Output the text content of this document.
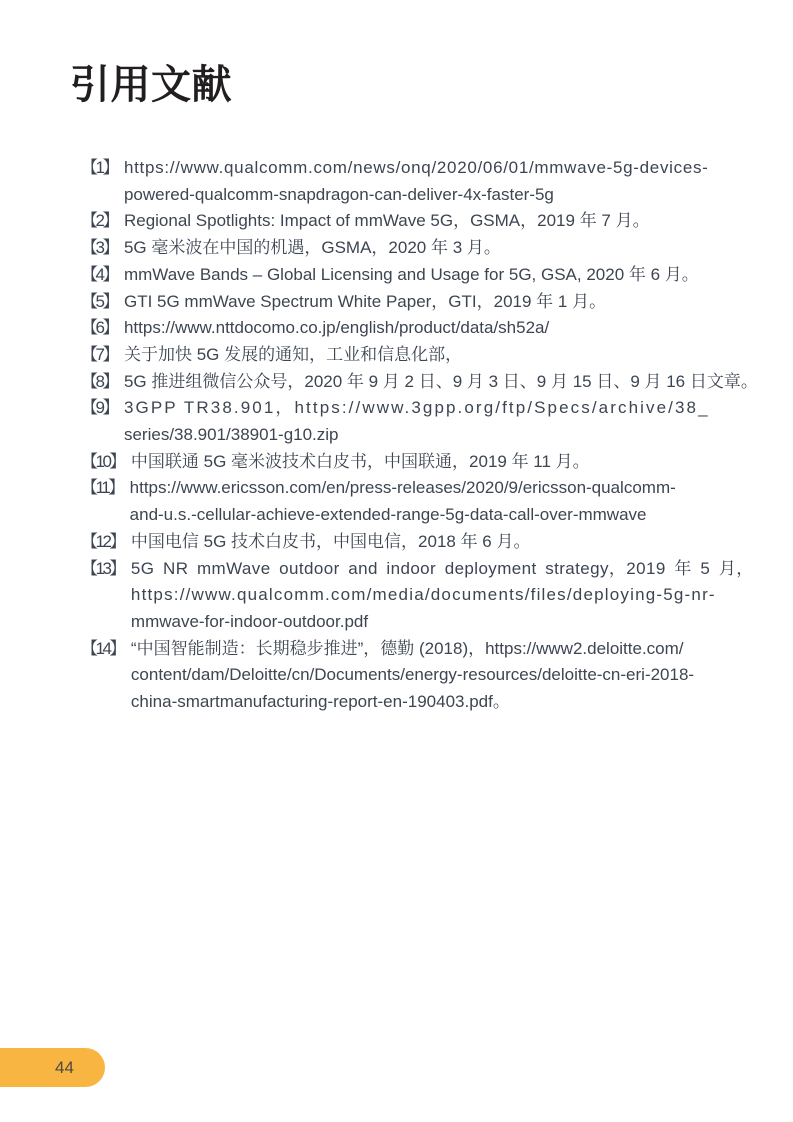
引用文献
【1】 https://www.qualcomm.com/news/onq/2020/06/01/mmwave-5g-devices-
powered-qualcomm-snapdragon-can-deliver-4x-faster-5g
【2】 Regional Spotlights: Impact of mmWave 5G，GSMA，2019 年 7 月。
【3】 5G 毫米波在中国的机遇，GSMA，2020 年 3 月。
【4】 mmWave Bands – Global Licensing and Usage for 5G, GSA, 2020 年 6 月。
【5】 GTI 5G mmWave Spectrum White Paper，GTI，2019 年 1 月。
【6】 https://www.nttdocomo.co.jp/english/product/data/sh52a/
【7】 关于加快 5G 发展的通知，工业和信息化部，
【8】 5G 推进组微信公众号，2020 年 9 月 2 日、9 月 3 日、9 月 15 日、9 月 16 日文章。
【9】 3GPP TR38.901，https://www.3gpp.org/ftp/Specs/archive/38_
series/38.901/38901-g10.zip
【10】 中国联通 5G 毫米波技术白皮书，中国联通，2019 年 11 月。
【11】 https://www.ericsson.com/en/press-releases/2020/9/ericsson-qualcomm-
and-u.s.-cellular-achieve-extended-range-5g-data-call-over-mmwave
【12】 中国电信 5G 技术白皮书，中国电信，2018 年 6 月。
【13】 5G NR mmWave outdoor and indoor deployment strategy，2019 年 5 月，
https://www.qualcomm.com/media/documents/files/deploying-5g-nr-
mmwave-for-indoor-outdoor.pdf
【14】 “中国智能制造：长期稳步推进”，德勤 (2018)，https://www2.deloitte.com/
content/dam/Deloitte/cn/Documents/energy-resources/deloitte-cn-eri-2018-
china-smartmanufacturing-report-en-190403.pdf。
44
